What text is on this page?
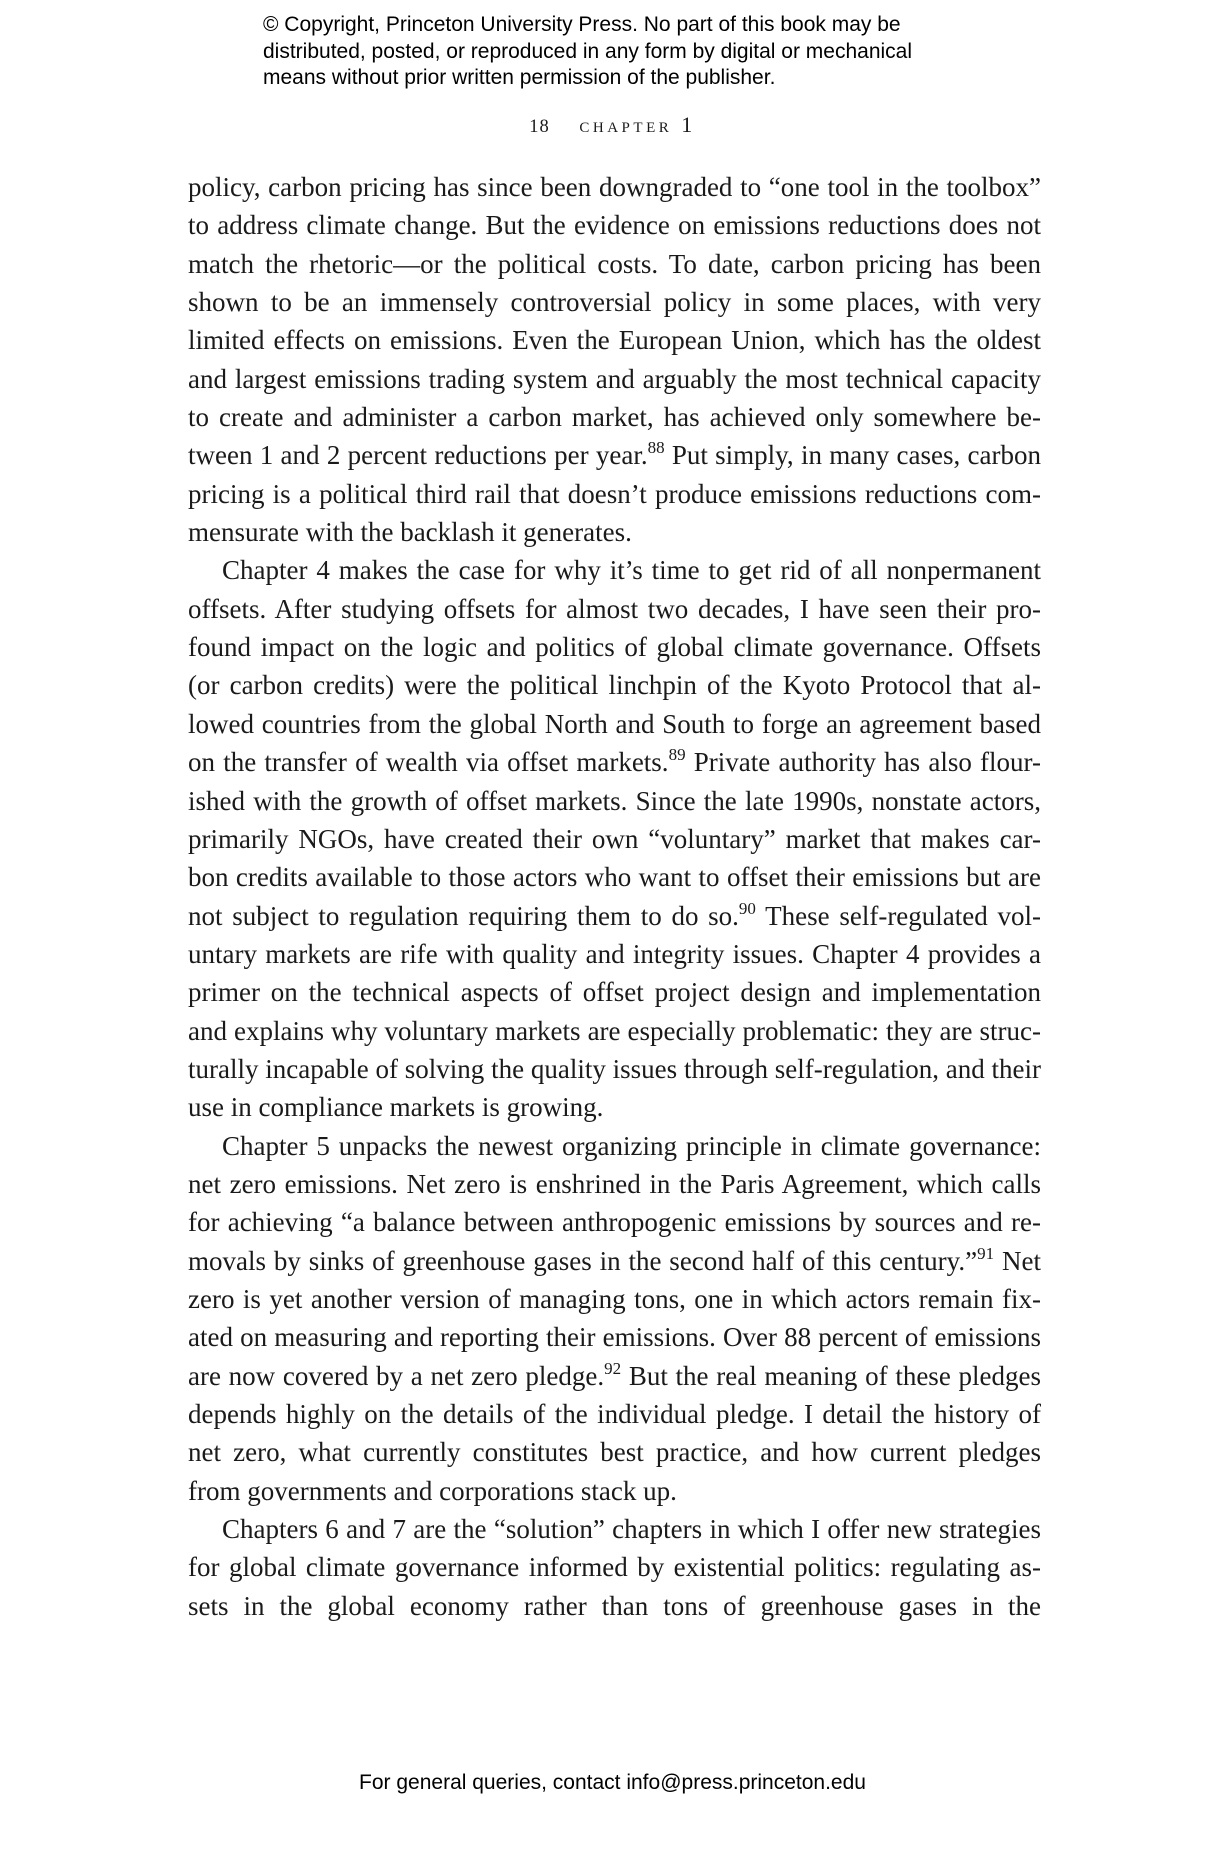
© Copyright, Princeton University Press. No part of this book may be
distributed, posted, or reproduced in any form by digital or mechanical
means without prior written permission of the publisher.
18 chapter 1
policy, carbon pricing has since been downgraded to “one tool in the toolbox”
to address climate change. But the evidence on emissions reductions does not
match the rhetoric—or the political costs. To date, carbon pricing has been
shown to be an immensely controversial policy in some places, with very
limited effects on emissions. Even the European Union, which has the oldest
and largest emissions trading system and arguably the most technical capacity
to create and administer a carbon market, has achieved only somewhere be-
tween 1 and 2 percent reductions per year.$^{88}$ Put simply, in many cases, carbon
pricing is a political third rail that doesn’t produce emissions reductions com-
mensurate with the backlash it generates.
Chapter 4 makes the case for why it’s time to get rid of all nonpermanent
offsets. After studying offsets for almost two decades, I have seen their pro-
found impact on the logic and politics of global climate governance. Offsets
(or carbon credits) were the political linchpin of the Kyoto Protocol that al-
lowed countries from the global North and South to forge an agreement based
on the transfer of wealth via offset markets.$^{89}$ Private authority has also flour-
ished with the growth of offset markets. Since the late 1990s, nonstate actors,
primarily NGOs, have created their own “voluntary” market that makes car-
bon credits available to those actors who want to offset their emissions but are
not subject to regulation requiring them to do so.$^{90}$ These self-regulated vol-
untary markets are rife with quality and integrity issues. Chapter 4 provides a
primer on the technical aspects of offset project design and implementation
and explains why voluntary markets are especially problematic: they are struc-
turally incapable of solving the quality issues through self-regulation, and their
use in compliance markets is growing.
Chapter 5 unpacks the newest organizing principle in climate governance:
net zero emissions. Net zero is enshrined in the Paris Agreement, which calls
for achieving “a balance between anthropogenic emissions by sources and re-
movals by sinks of greenhouse gases in the second half of this century.”$^{91}$ Net
zero is yet another version of managing tons, one in which actors remain fix-
ated on measuring and reporting their emissions. Over 88 percent of emissions
are now covered by a net zero pledge.$^{92}$ But the real meaning of these pledges
depends highly on the details of the individual pledge. I detail the history of
net zero, what currently constitutes best practice, and how current pledges
from governments and corporations stack up.
Chapters 6 and 7 are the “solution” chapters in which I offer new strategies
for global climate governance informed by existential politics: regulating as-
sets in the global economy rather than tons of greenhouse gases in the
For general queries, contact info@press.princeton.edu
